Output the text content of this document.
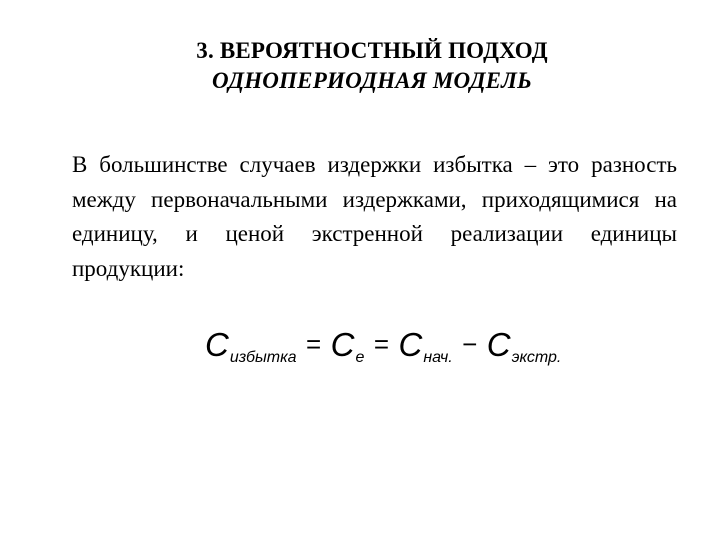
3. ВЕРОЯТНОСТНЫЙ ПОДХОД
ОДНОПЕРИОДНАЯ МОДЕЛЬ
В большинстве случаев издержки избытка – это разность между первоначальными издержками, приходящимися на единицу, и ценой экстренной реализации единицы продукции:
$C_{избытка} = C_e = C_{нач.} - C_{экстр.}$
